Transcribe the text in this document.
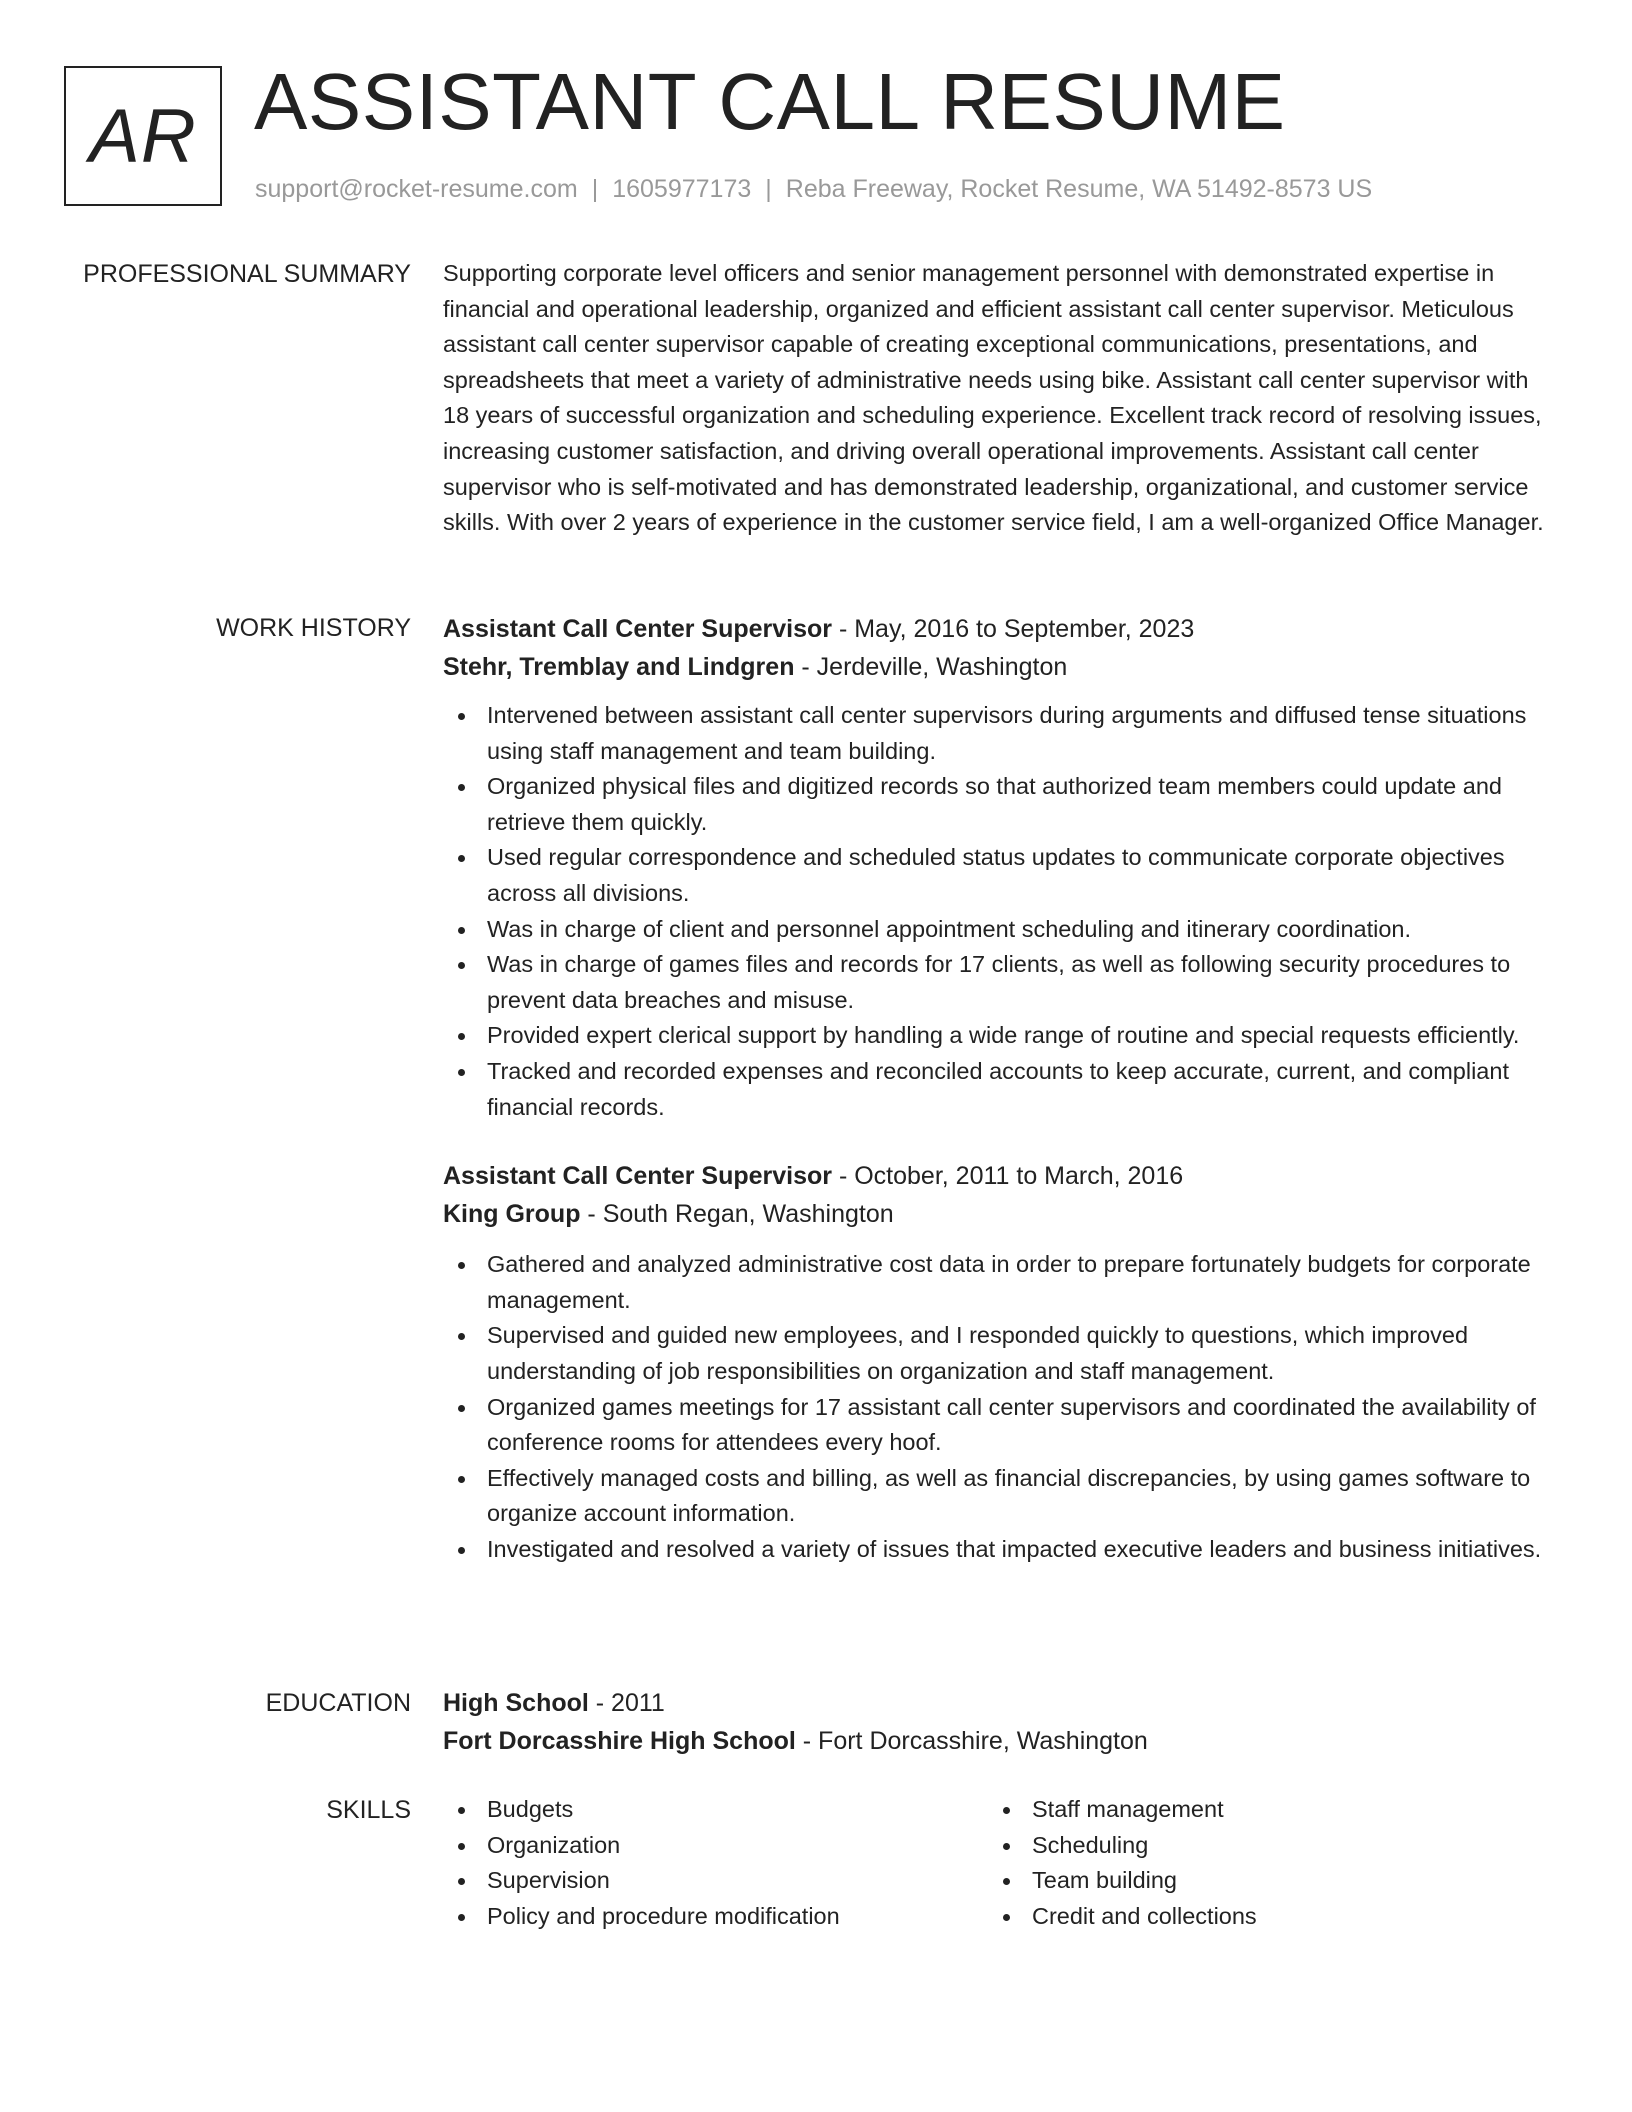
AR ASSISTANT CALL RESUME
support@rocket-resume.com | 1605977173 | Reba Freeway, Rocket Resume, WA 51492-8573 US
PROFESSIONAL SUMMARY Supporting corporate level officers and senior management personnel with demonstrated expertise in financial and operational leadership, organized and efficient assistant call center supervisor. Meticulous assistant call center supervisor capable of creating exceptional communications, presentations, and spreadsheets that meet a variety of administrative needs using bike. Assistant call center supervisor with 18 years of successful organization and scheduling experience. Excellent track record of resolving issues, increasing customer satisfaction, and driving overall operational improvements. Assistant call center supervisor who is self-motivated and has demonstrated leadership, organizational, and customer service skills. With over 2 years of experience in the customer service field, I am a well-organized Office Manager.

WORK HISTORY Assistant Call Center Supervisor - May, 2016 to September, 2023
Stehr, Tremblay and Lindgren - Jerdeville, Washington
Intervened between assistant call center supervisors during arguments and diffused tense situations using staff management and team building.
Organized physical files and digitized records so that authorized team members could update and retrieve them quickly.
Used regular correspondence and scheduled status updates to communicate corporate objectives across all divisions.
Was in charge of client and personnel appointment scheduling and itinerary coordination.
Was in charge of games files and records for 17 clients, as well as following security procedures to prevent data breaches and misuse.
Provided expert clerical support by handling a wide range of routine and special requests efficiently.
Tracked and recorded expenses and reconciled accounts to keep accurate, current, and compliant financial records.
Assistant Call Center Supervisor - October, 2011 to March, 2016
King Group - South Regan, Washington
Gathered and analyzed administrative cost data in order to prepare fortunately budgets for corporate management.
Supervised and guided new employees, and I responded quickly to questions, which improved understanding of job responsibilities on organization and staff management.
Organized games meetings for 17 assistant call center supervisors and coordinated the availability of conference rooms for attendees every hoof.
Effectively managed costs and billing, as well as financial discrepancies, by using games software to organize account information.
Investigated and resolved a variety of issues that impacted executive leaders and business initiatives.
EDUCATION High School - 2011
Fort Dorcasshire High School - Fort Dorcasshire, Washington
SKILLS	Budgets
Organization
Supervision
Policy and procedure modification
Staff management
Scheduling
Team building
Credit and collections
